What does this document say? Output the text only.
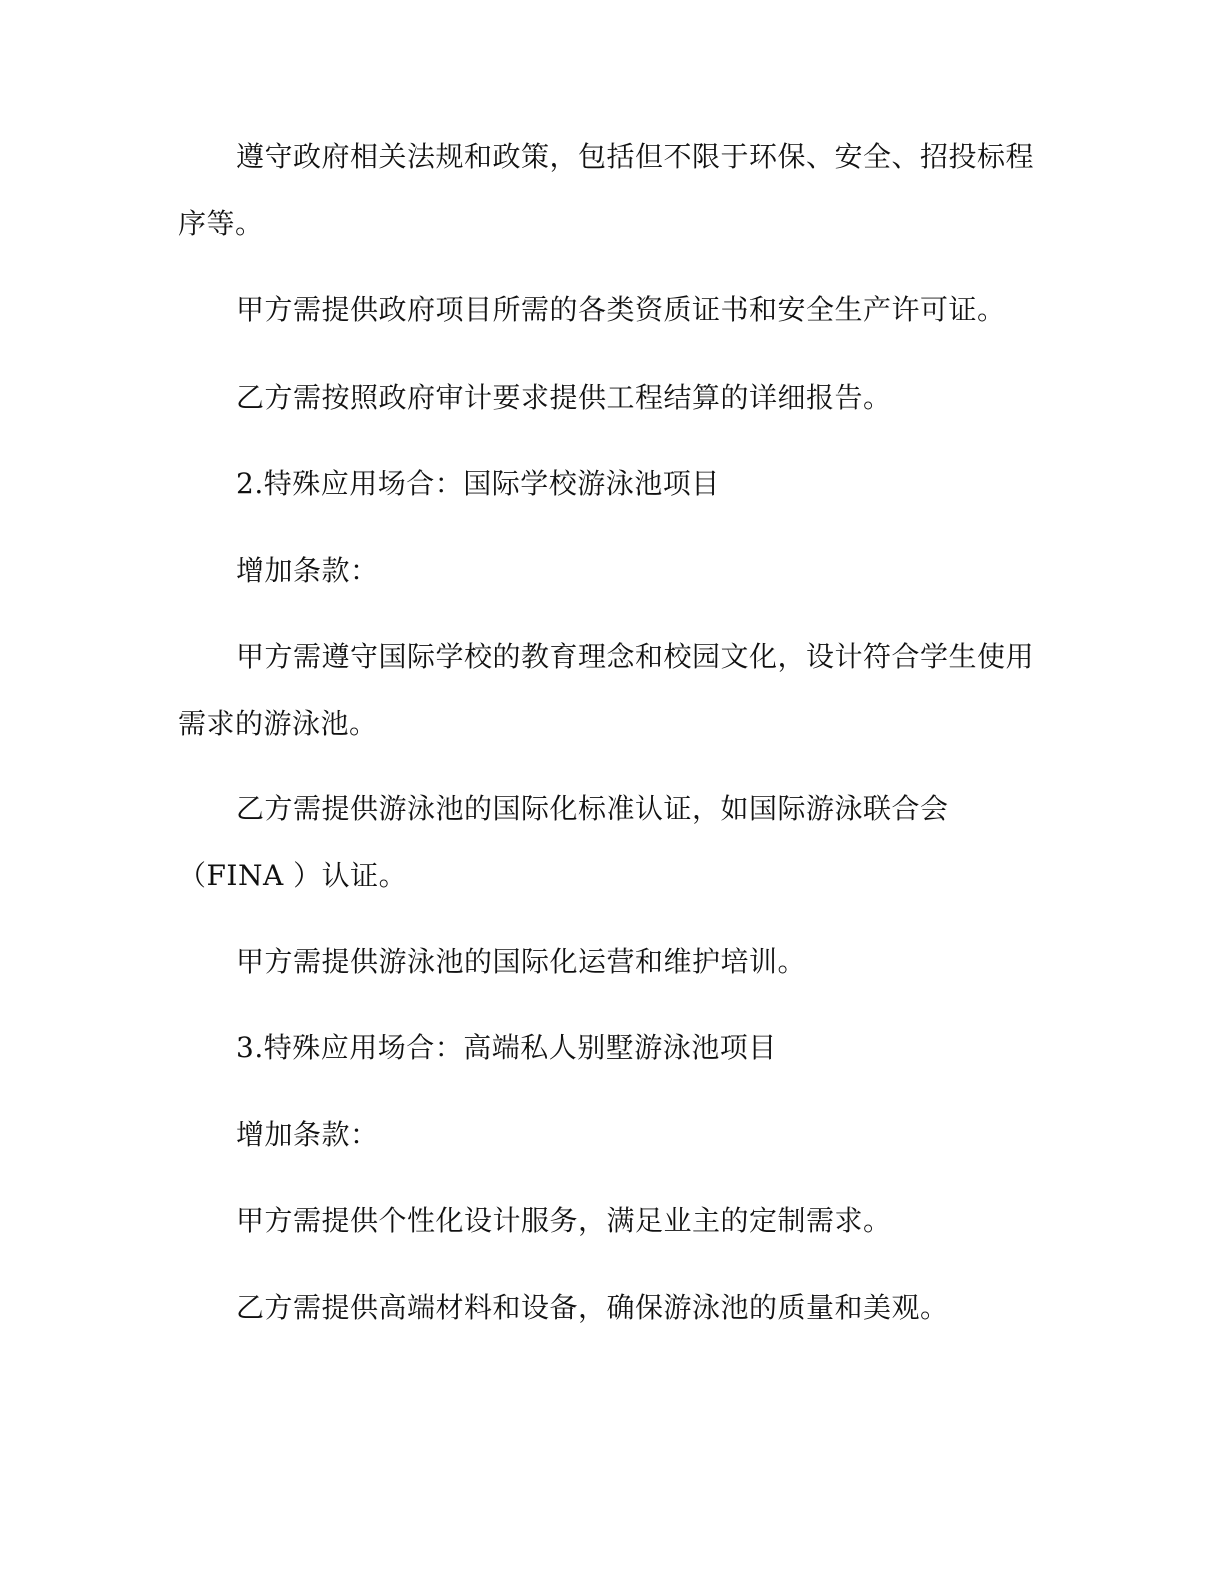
遵守政府相关法规和政策，包括但不限于环保、安全、招投标程
序等。
甲方需提供政府项目所需的各类资质证书和安全生产许可证。
乙方需按照政府审计要求提供工程结算的详细报告。
2.特殊应用场合：国际学校游泳池项目
增加条款：
甲方需遵守国际学校的教育理念和校园文化，设计符合学生使用
需求的游泳池。
乙方需提供游泳池的国际化标准认证，如国际游泳联合会
（FINA ）认证。
甲方需提供游泳池的国际化运营和维护培训。
3.特殊应用场合：高端私人别墅游泳池项目
增加条款：
甲方需提供个性化设计服务，满足业主的定制需求。
乙方需提供高端材料和设备，确保游泳池的质量和美观。
